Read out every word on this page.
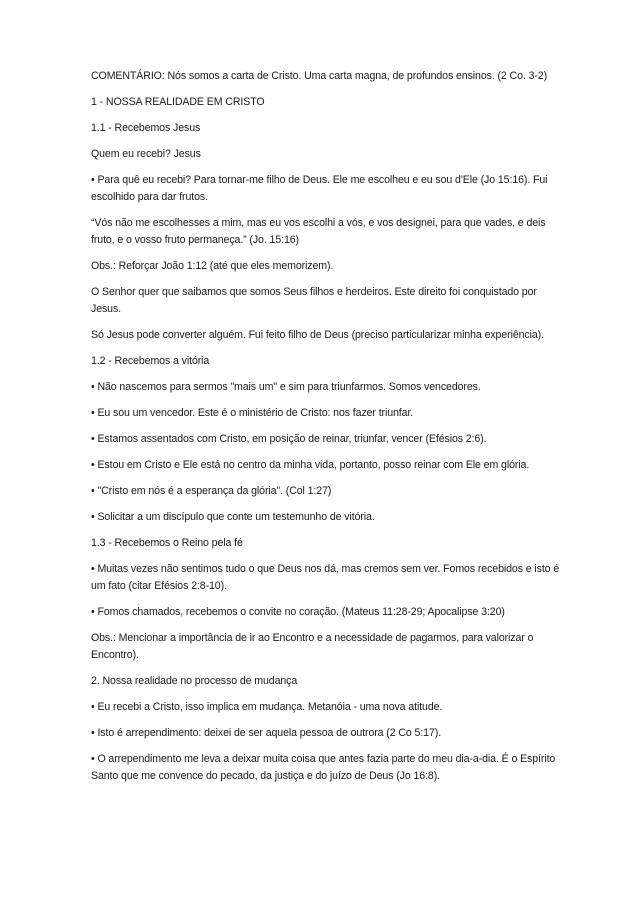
COMENTÁRIO: Nós somos a carta de Cristo. Uma carta magna, de profundos ensinos. (2 Co. 3-2)

1 - NOSSA REALIDADE EM CRISTO

1.1 - Recebemos Jesus

Quem eu recebi? Jesus

• Para quê eu recebi? Para tornar-me filho de Deus. Ele me escolheu e eu sou d'Ele (Jo 15:16). Fui escolhido para dar frutos.

“Vós não me escolhesses a mim, mas eu vos escolhi a vós, e vos designei, para que vades, e deis fruto, e o vosso fruto permaneça.” (Jo. 15:16)

Obs.: Reforçar João 1:12 (até que eles memorizem).

O Senhor quer que saibamos que somos Seus filhos e herdeiros. Este direito foi conquistado por Jesus.

Só Jesus pode converter alguém. Fui feito filho de Deus (preciso particularizar minha experiência).

1.2 - Recebemos a vitória

• Não nascemos para sermos "mais um" e sim para triunfarmos. Somos vencedores.

• Eu sou um vencedor. Este é o ministério de Cristo: nos fazer triunfar.

• Estamos assentados com Cristo, em posição de reinar, triunfar, vencer (Efésios 2:6).

• Estou em Cristo e Ele está no centro da minha vida, portanto, posso reinar com Ele em glória.

• "Cristo em nós é a esperança da glória". (Col 1:27)

• Solicitar a um discípulo que conte um testemunho de vitória.

1.3 - Recebemos o Reino pela fé

• Muitas vezes não sentimos tudo o que Deus nos dá, mas cremos sem ver. Fomos recebidos e isto é um fato (citar Efésios 2:8-10).

• Fomos chamados, recebemos o convite no coração. (Mateus 11:28-29; Apocalipse 3:20)

Obs.: Mencionar a importância de ir ao Encontro e a necessidade de pagarmos, para valorizar o Encontro).

2. Nossa realidade no processo de mudança

• Eu recebi a Cristo, isso implica em mudança. Metanóia - uma nova atitude.

• Isto é arrependimento: deixei de ser aquela pessoa de outrora (2 Co 5:17).

• O arrependimento me leva a deixar muita coisa que antes fazia parte do meu dia-a-dia. É o Espírito Santo que me convence do pecado, da justiça e do juízo de Deus (Jo 16:8).
